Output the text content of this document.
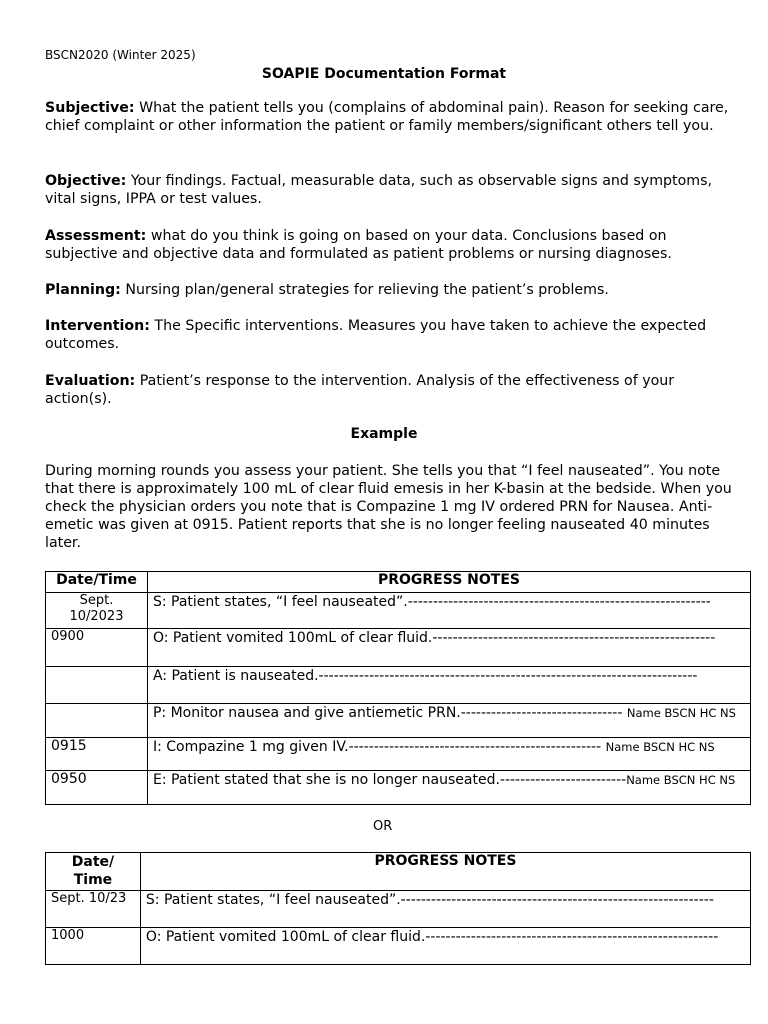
BSCN2020 (Winter 2025)
SOAPIE Documentation Format

Subjective: What the patient tells you (complains of abdominal pain). Reason for seeking care, chief complaint or other information the patient or family members/significant others tell you.

Objective: Your findings. Factual, measurable data, such as observable signs and symptoms, vital signs, IPPA or test values.

Assessment: what do you think is going on based on your data. Conclusions based on subjective and objective data and formulated as patient problems or nursing diagnoses.

Planning: Nursing plan/general strategies for relieving the patient’s problems.

Intervention: The Specific interventions. Measures you have taken to achieve the expected outcomes.

Evaluation: Patient’s response to the intervention. Analysis of the effectiveness of your action(s).

Example

During morning rounds you assess your patient. She tells you that “I feel nauseated”. You note that there is approximately 100 mL of clear fluid emesis in her K-basin at the bedside. When you check the physician orders you note that is Compazine 1 mg IV ordered PRN for Nausea. Anti-emetic was given at 0915. Patient reports that she is no longer feeling nauseated 40 minutes later.

Date/Time	PROGRESS NOTES
Sept. 10/2023	S: Patient states, “I feel nauseated”.------------------------------------------------------------
0900	O: Patient vomited 100mL of clear fluid.--------------------------------------------------------
	A: Patient is nauseated.---------------------------------------------------------------------------
	P: Monitor nausea and give antiemetic PRN.-------------------------------- Name BSCN HC NS
0915	I: Compazine 1 mg given IV.-------------------------------------------------- Name BSCN HC NS
0950	E: Patient stated that she is no longer nauseated.-------------------------Name BSCN HC NS
OR
Date/ Time	PROGRESS NOTES
Sept. 10/23	S: Patient states, “I feel nauseated”.--------------------------------------------------------------
1000	O: Patient vomited 100mL of clear fluid.----------------------------------------------------------
